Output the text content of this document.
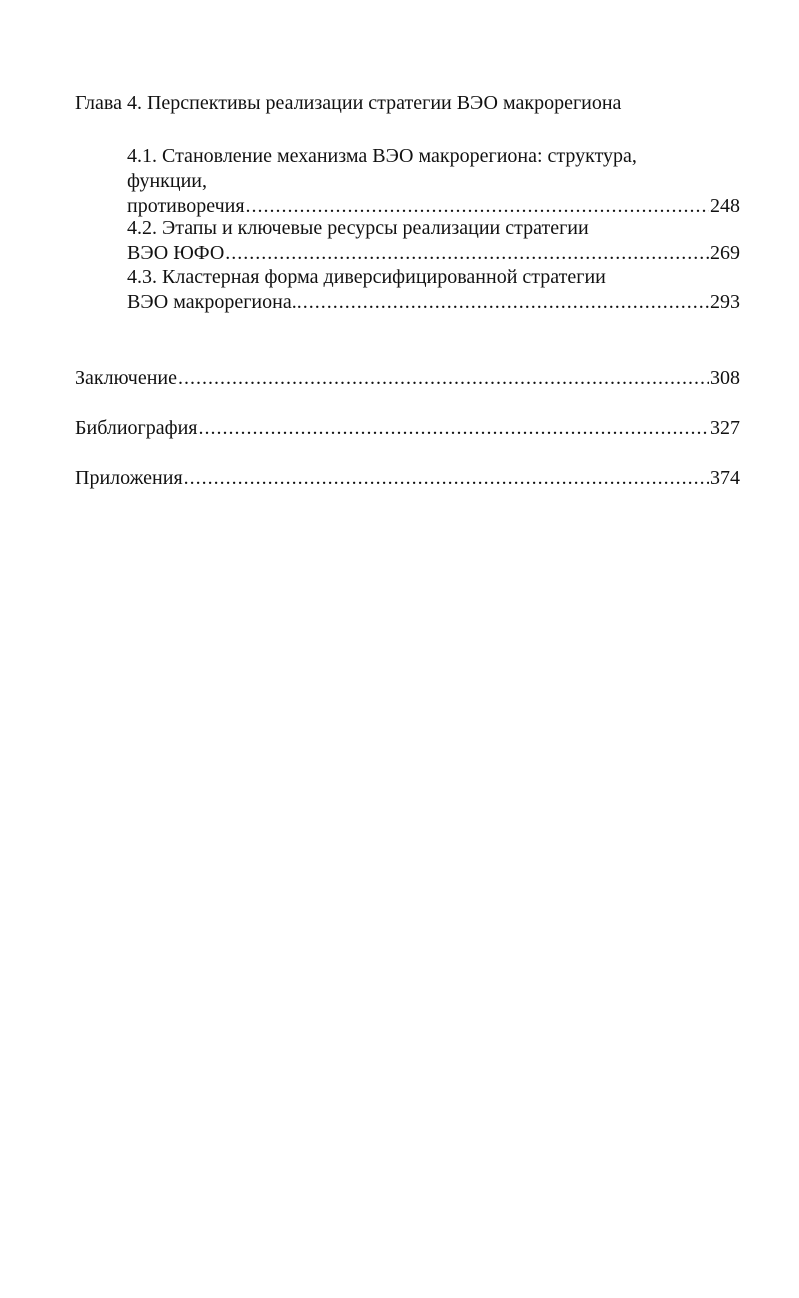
Глава 4. Перспективы реализации стратегии ВЭО макрорегиона
4.1. Становление механизма ВЭО макрорегиона: структура,
функции,
противоречия .....	248
4.2. Этапы и ключевые ресурсы реализации стратегии
ВЭО ЮФО .....	269
4.3. Кластерная форма диверсифицированной стратегии
ВЭО макрорегиона.. .....	293
Заключение .....	308
Библиография .....	327
Приложения .....	374
